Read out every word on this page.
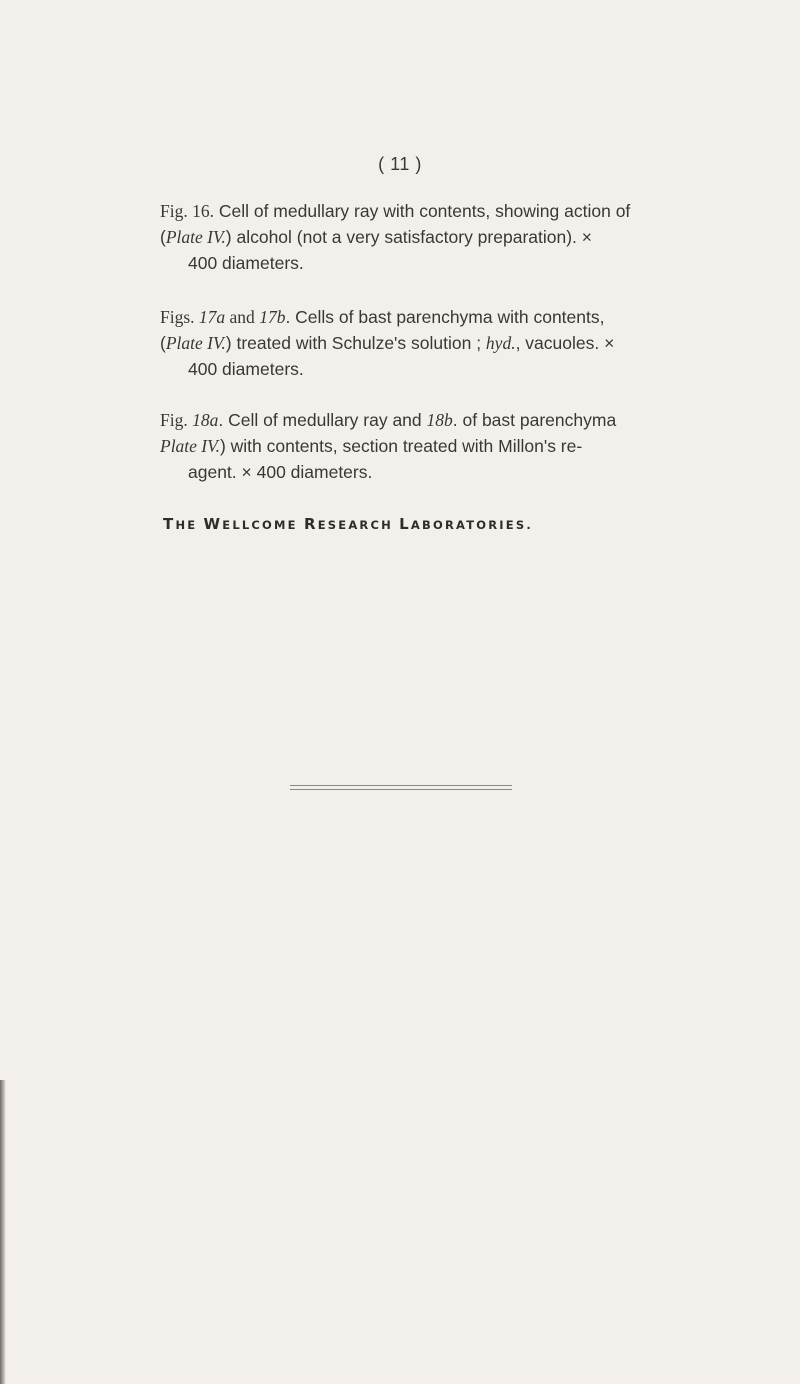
( 11 )
Fig. 16. Cell of medullary ray with contents, showing action of
(Plate IV.) alcohol (not a very satisfactory preparation). ×
400 diameters.
Figs. 17a and 17b. Cells of bast parenchyma with contents,
(Plate IV.) treated with Schulze's solution ; hyd., vacuoles. ×
400 diameters.
Fig. 18a. Cell of medullary ray and 18b. of bast parenchyma
Plate IV.) with contents, section treated with Millon's re-
agent. × 400 diameters.
THE WELLCOME RESEARCH LABORATORIES.
